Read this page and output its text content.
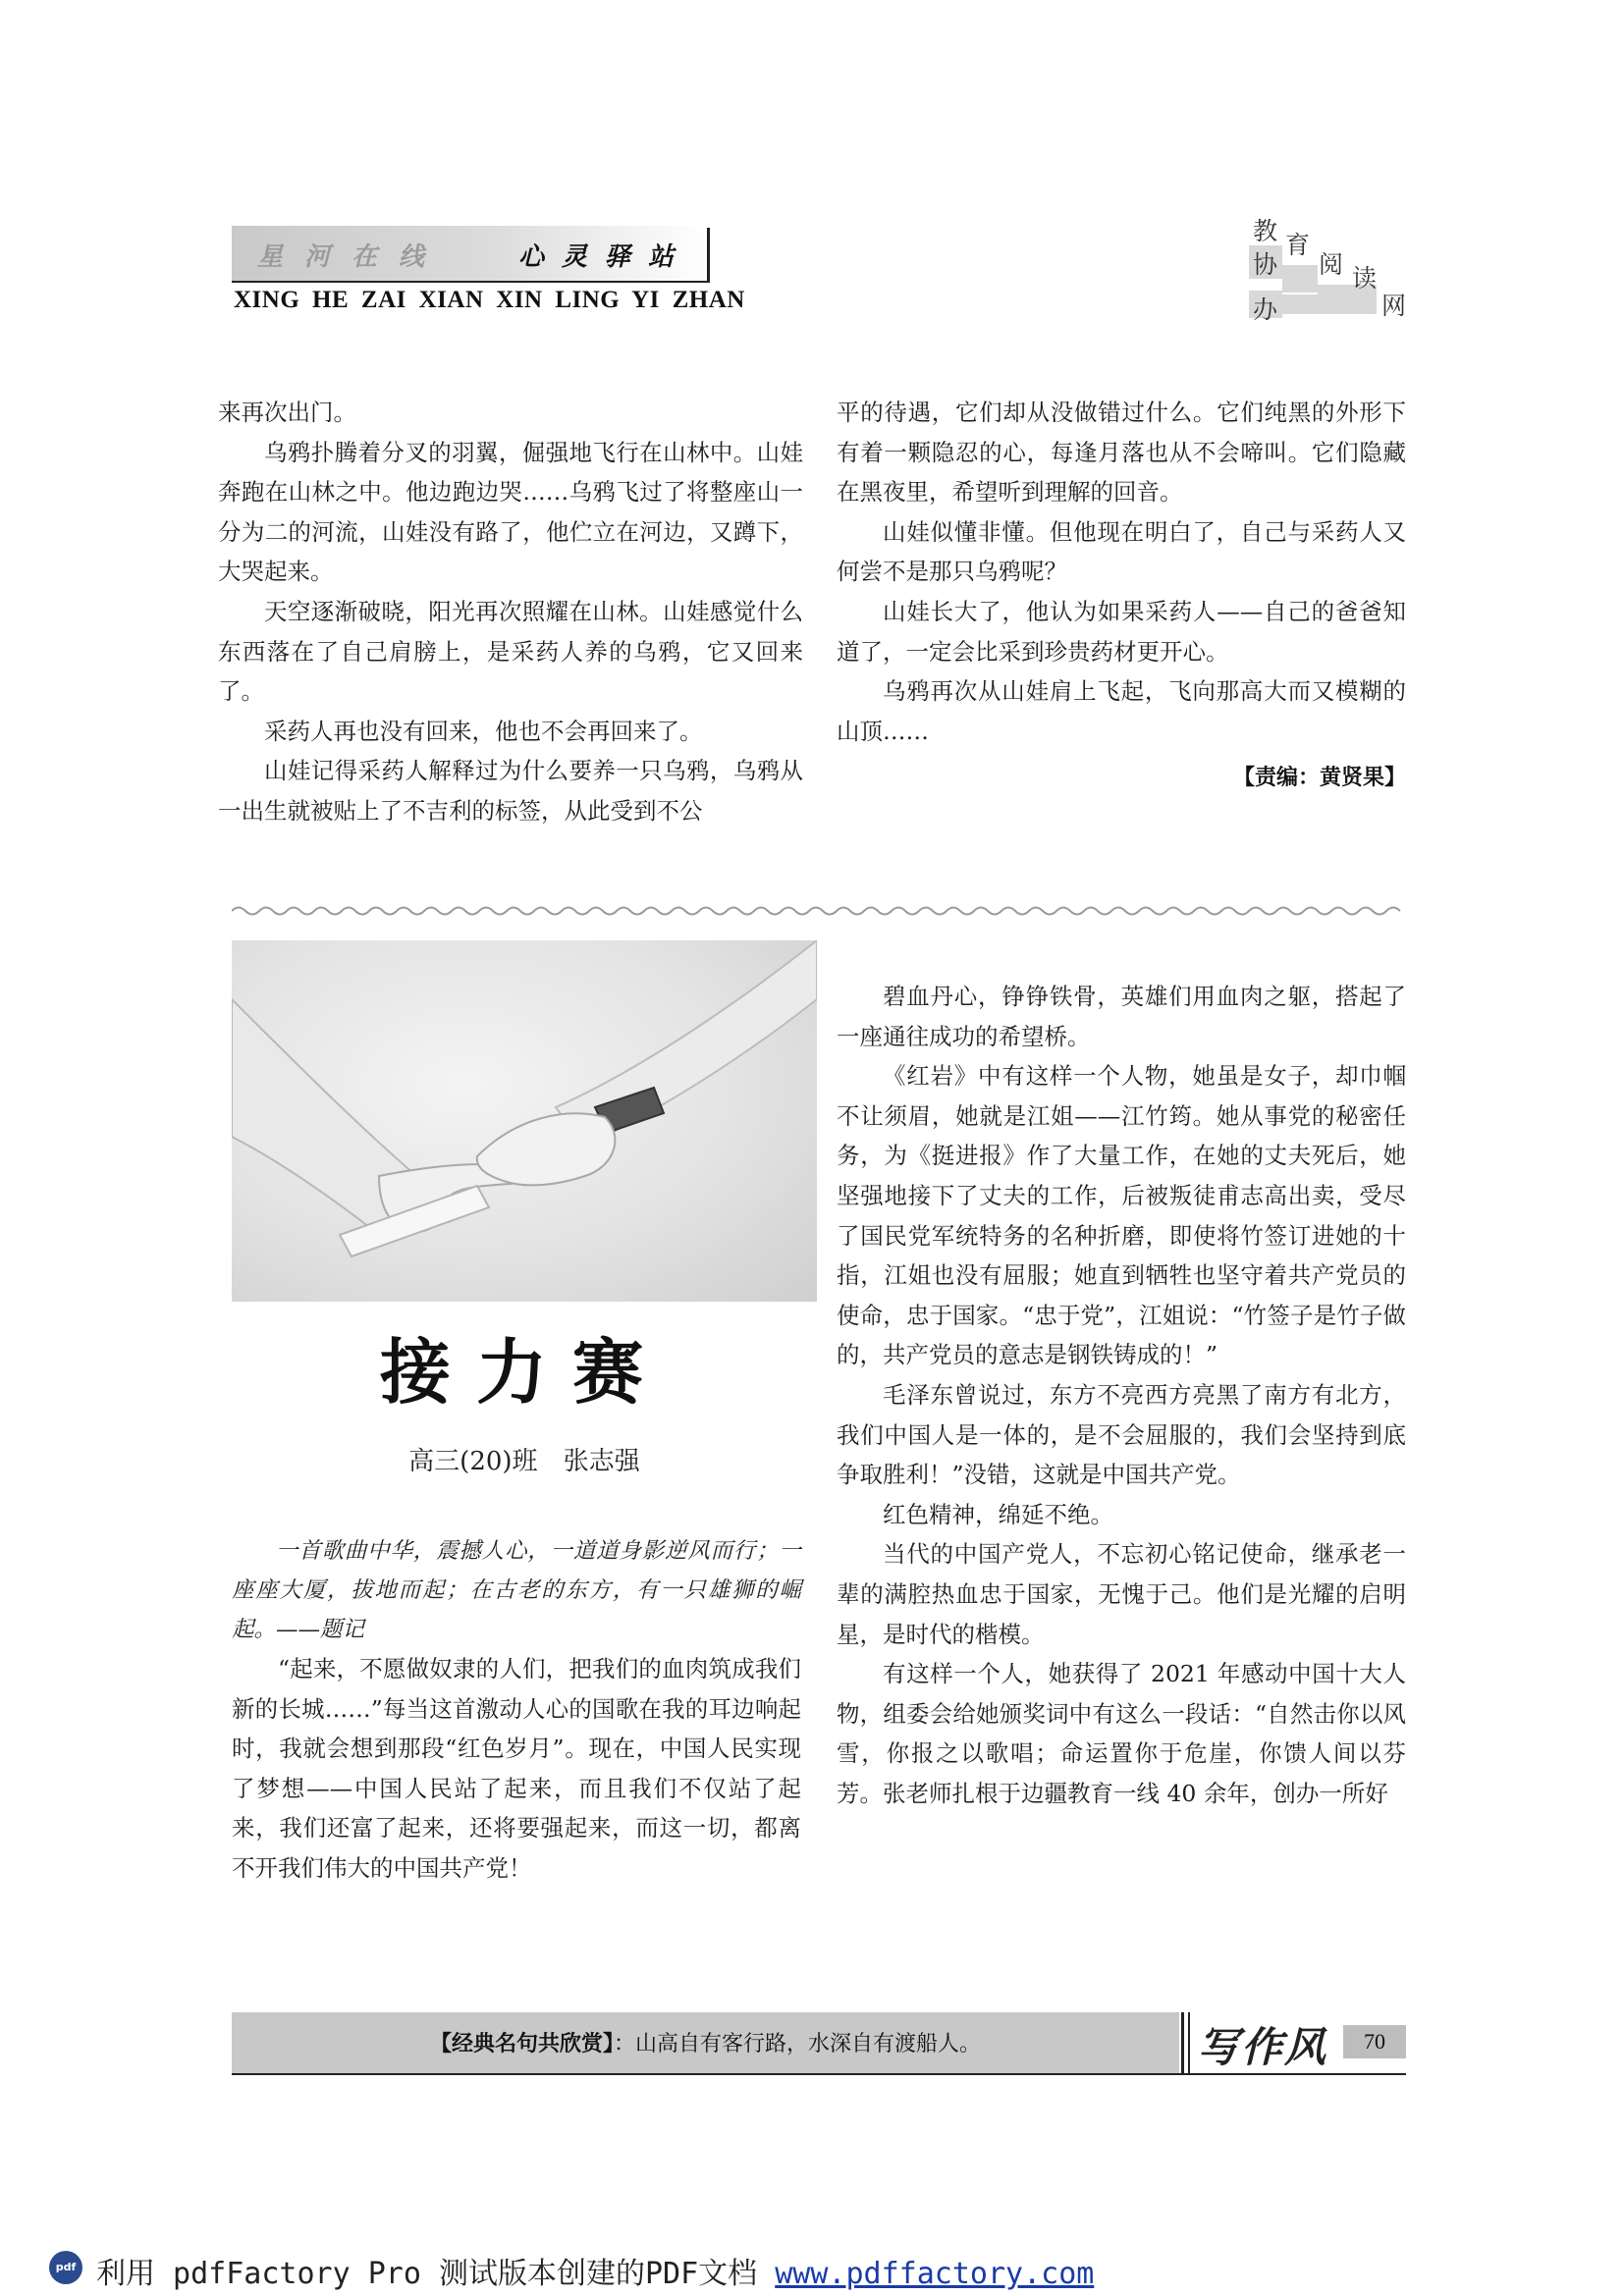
星河在线	心灵驿站
XING HE ZAI XIAN XIN LING YI ZHAN
教 育
协 阅 读
办	网

来再次出门。

乌鸦扑腾着分叉的羽翼，倔强地飞行在山林中。山娃奔跑在山林之中。他边跑边哭……乌鸦飞过了将整座山一分为二的河流，山娃没有路了，他伫立在河边，又蹲下，大哭起来。

天空逐渐破晓，阳光再次照耀在山林。山娃感觉什么东西落在了自己肩膀上，是采药人养的乌鸦，它又回来了。

采药人再也没有回来，他也不会再回来了。

山娃记得采药人解释过为什么要养一只乌鸦，乌鸦从一出生就被贴上了不吉利的标签，从此受到不公

平的待遇，它们却从没做错过什么。它们纯黑的外形下有着一颗隐忍的心，每逢月落也从不会啼叫。它们隐藏在黑夜里，希望听到理解的回音。

山娃似懂非懂。但他现在明白了，自己与采药人又何尝不是那只乌鸦呢？

山娃长大了，他认为如果采药人——自己的爸爸知道了，一定会比采到珍贵药材更开心。

乌鸦再次从山娃肩上飞起，飞向那高大而又模糊的山顶……

【责编：黄贤果】
接力赛
高三(20)班 张志强

一首歌曲中华，震撼人心，一道道身影逆风而行；一座座大厦，拔地而起；在古老的东方，有一只雄狮的崛起。——题记

“起来，不愿做奴隶的人们，把我们的血肉筑成我们新的长城……”每当这首激动人心的国歌在我的耳边响起时，我就会想到那段“红色岁月”。现在，中国人民实现了梦想——中国人民站了起来，而且我们不仅站了起来，我们还富了起来，还将要强起来，而这一切，都离不开我们伟大的中国共产党！

碧血丹心，铮铮铁骨，英雄们用血肉之躯，搭起了一座通往成功的希望桥。

《红岩》中有这样一个人物，她虽是女子，却巾帼不让须眉，她就是江姐——江竹筠。她从事党的秘密任务，为《挺进报》作了大量工作，在她的丈夫死后，她坚强地接下了丈夫的工作，后被叛徒甫志高出卖，受尽了国民党军统特务的名种折磨，即使将竹签订进她的十指，江姐也没有屈服；她直到牺牲也坚守着共产党员的使命，忠于国家。“忠于党”，江姐说：“竹签子是竹子做的，共产党员的意志是钢铁铸成的！”

毛泽东曾说过，东方不亮西方亮黑了南方有北方，我们中国人是一体的，是不会屈服的，我们会坚持到底争取胜利！”没错，这就是中国共产党。

红色精神，绵延不绝。

当代的中国产党人，不忘初心铭记使命，继承老一辈的满腔热血忠于国家，无愧于己。他们是光耀的启明星，是时代的楷模。

有这样一个人，她获得了 2021 年感动中国十大人物，组委会给她颁奖词中有这么一段话：“自然击你以风雪，你报之以歌唱；命运置你于危崖，你馈人间以芬芳。张老师扎根于边疆教育一线 40 余年，创办一所好

【经典名句共欣赏】：山高自有客行路，水深自有渡船人。	写作风	70
pdf 利用 pdfFactory Pro 测试版本创建的PDF文档 www.pdffactory.com
